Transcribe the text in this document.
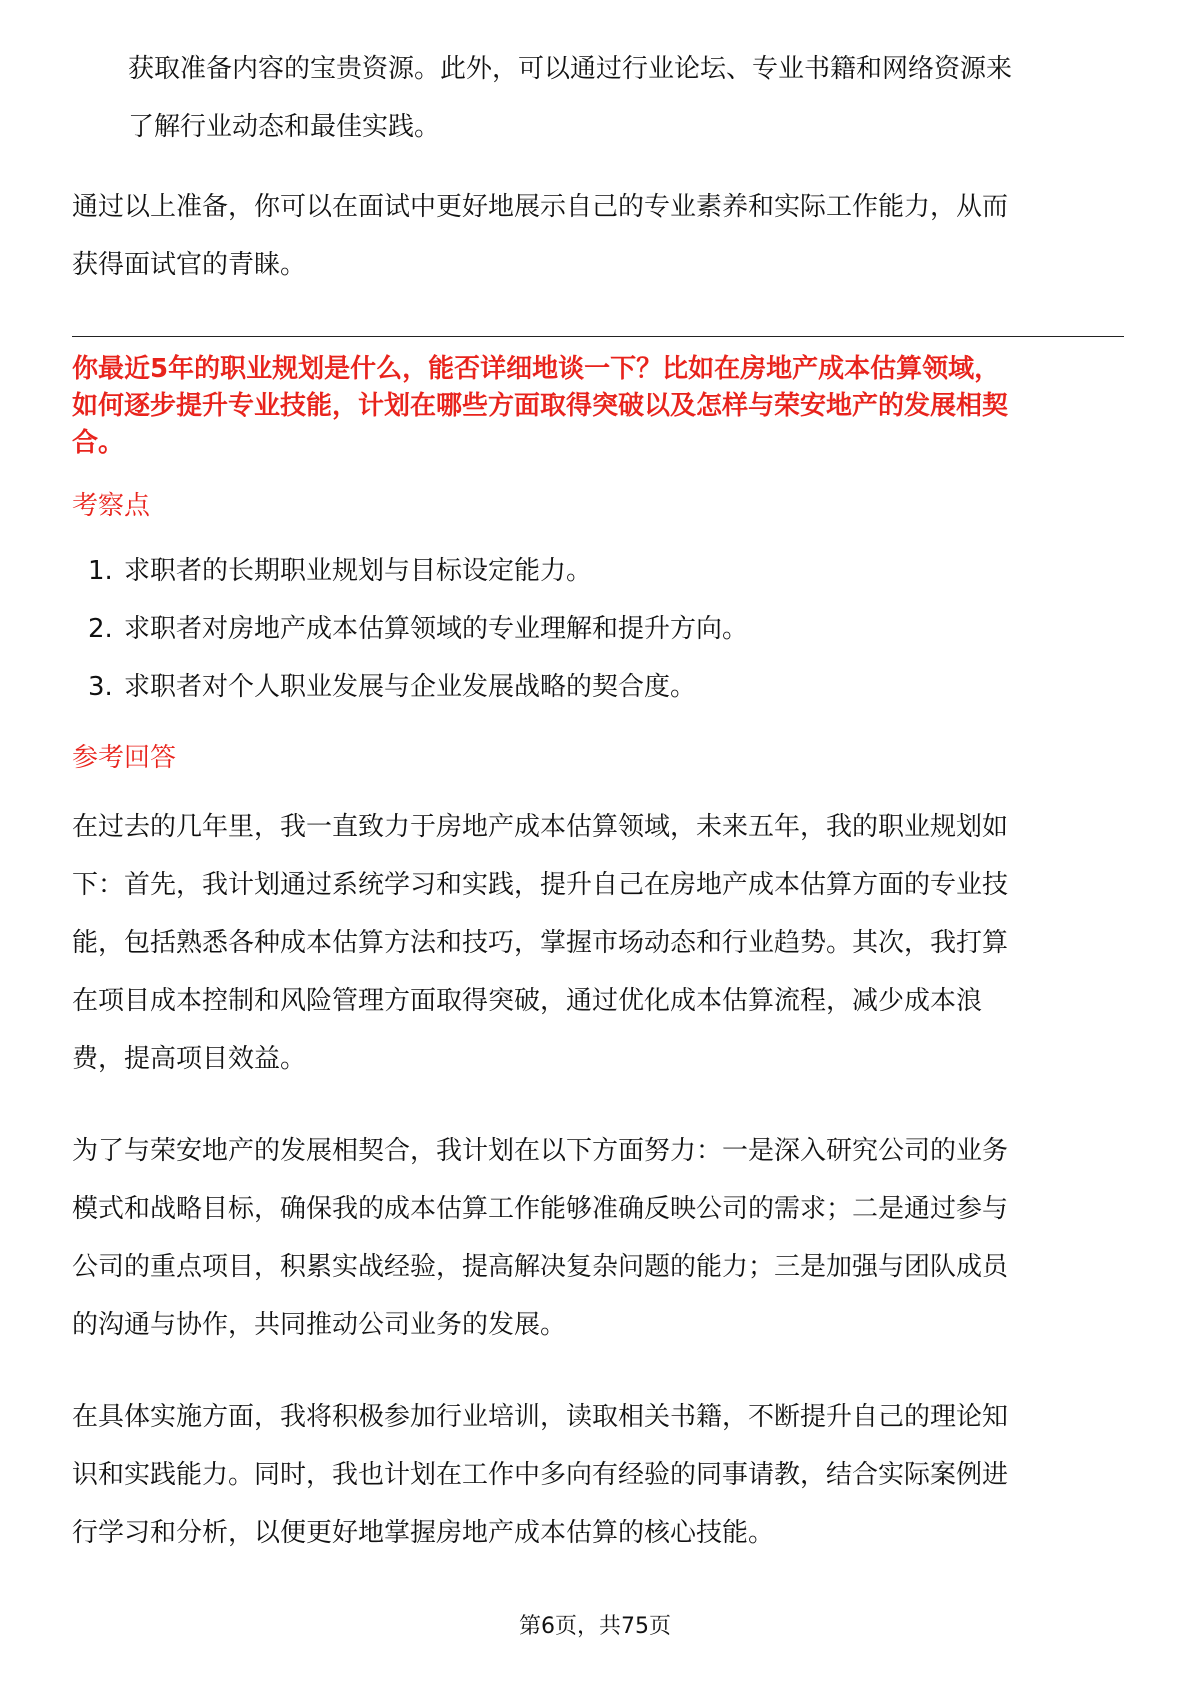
获取准备内容的宝贵资源。此外，可以通过行业论坛、专业书籍和网络资源来

了解行业动态和最佳实践。

通过以上准备，你可以在面试中更好地展示自己的专业素养和实际工作能力，从而

获得面试官的青睐。

你最近5年的职业规划是什么，能否详细地谈一下？比如在房地产成本估算领域，

如何逐步提升专业技能，计划在哪些方面取得突破以及怎样与荣安地产的发展相契

合。

考察点

1. 求职者的长期职业规划与目标设定能力。
2. 求职者对房地产成本估算领域的专业理解和提升方向。
3. 求职者对个人职业发展与企业发展战略的契合度。

参考回答

在过去的几年里，我一直致力于房地产成本估算领域，未来五年，我的职业规划如

下：首先，我计划通过系统学习和实践，提升自己在房地产成本估算方面的专业技

能，包括熟悉各种成本估算方法和技巧，掌握市场动态和行业趋势。其次，我打算

在项目成本控制和风险管理方面取得突破，通过优化成本估算流程，减少成本浪

费，提高项目效益。

为了与荣安地产的发展相契合，我计划在以下方面努力：一是深入研究公司的业务

模式和战略目标，确保我的成本估算工作能够准确反映公司的需求；二是通过参与

公司的重点项目，积累实战经验，提高解决复杂问题的能力；三是加强与团队成员

的沟通与协作，共同推动公司业务的发展。

在具体实施方面，我将积极参加行业培训，读取相关书籍，不断提升自己的理论知

识和实践能力。同时，我也计划在工作中多向有经验的同事请教，结合实际案例进

行学习和分析，以便更好地掌握房地产成本估算的核心技能。

第6页，共75页
